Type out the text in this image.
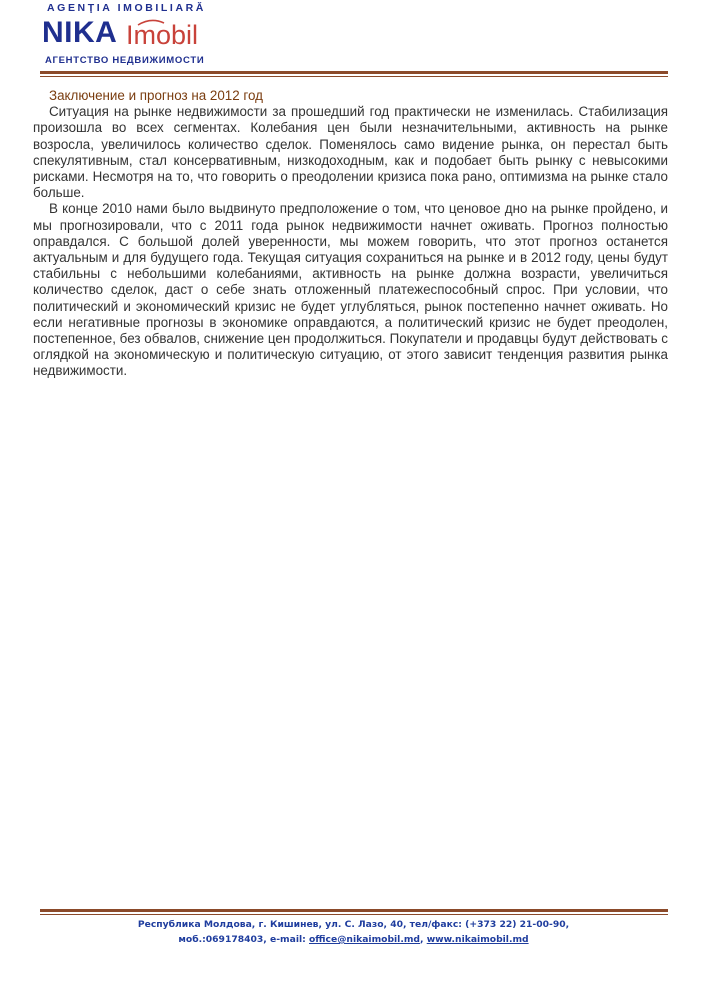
AGENŢIA IMOBILIARĂ
NIKA Imobil
АГЕНТСТВО НЕДВИЖИМОСТИ
Заключение и прогноз на 2012 год

Ситуация на рынке недвижимости за прошедший год практически не изменилась. Стабилизация произошла во всех сегментах. Колебания цен были незначительными, активность на рынке возросла, увеличилось количество сделок. Поменялось само видение рынка, он перестал быть спекулятивным, стал консервативным, низкодоходным, как и подобает быть рынку с невысокими рисками. Несмотря на то, что говорить о преодолении кризиса пока рано, оптимизма на рынке стало больше.

В конце 2010 нами было выдвинуто предположение о том, что ценовое дно на рынке пройдено, и мы прогнозировали, что с 2011 года рынок недвижимости начнет оживать. Прогноз полностью оправдался. С большой долей уверенности, мы можем говорить, что этот прогноз останется актуальным и для будущего года. Текущая ситуация сохраниться на рынке и в 2012 году, цены будут стабильны с небольшими колебаниями, активность на рынке должна возрасти, увеличиться количество сделок, даст о себе знать отложенный платежеспособный спрос. При условии, что политический и экономический кризис не будет углубляться, рынок постепенно начнет оживать. Но если негативные прогнозы в экономике оправдаются, а политический кризис не будет преодолен, постепенное, без обвалов, снижение цен продолжиться. Покупатели и продавцы будут действовать с оглядкой на экономическую и политическую ситуацию, от этого зависит тенденция развития рынка недвижимости.

Республика Молдова, г. Кишинев, ул. С. Лазо, 40, тел/факс: (+373 22) 21-00-90,
моб.:069178403, e-mail: office@nikaimobil.md, www.nikaimobil.md
